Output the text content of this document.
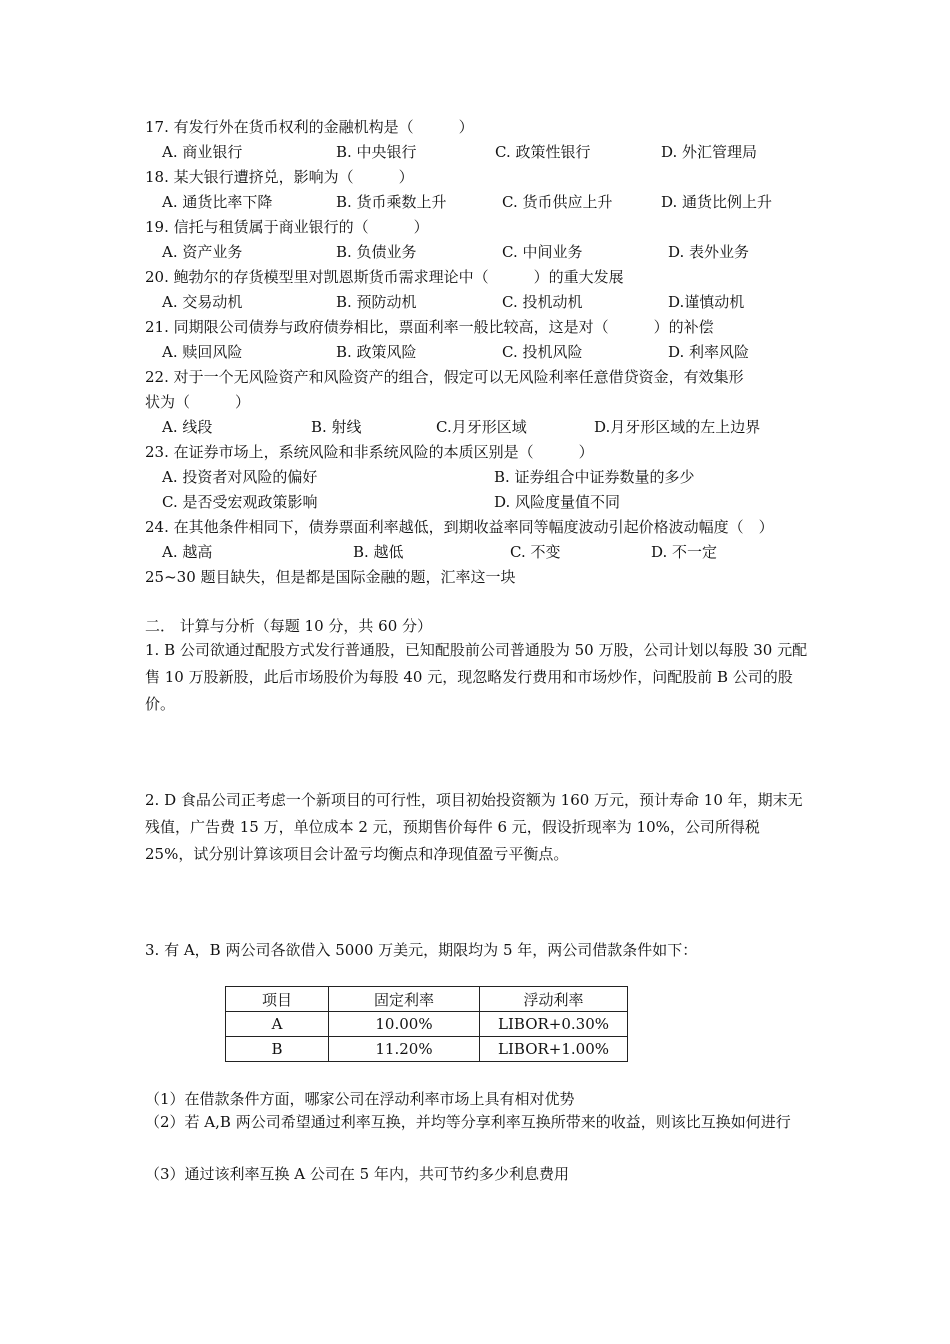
17. 有发行外在货币权利的金融机构是（　　　）
A. 商业银行	B. 中央银行	C. 政策性银行	D. 外汇管理局
18. 某大银行遭挤兑，影响为（　　　）
A. 通货比率下降	B. 货币乘数上升	C. 货币供应上升	D. 通货比例上升
19. 信托与租赁属于商业银行的（　　　）
A. 资产业务	B. 负债业务	C. 中间业务	D. 表外业务
20. 鲍勃尔的存货模型里对凯恩斯货币需求理论中（　　　）的重大发展
A. 交易动机	B. 预防动机	C. 投机动机	D.谨慎动机
21. 同期限公司债券与政府债券相比，票面利率一般比较高，这是对（　　　）的补偿
A. 赎回风险	B. 政策风险	C. 投机风险	D. 利率风险
22. 对于一个无风险资产和风险资产的组合，假定可以无风险利率任意借贷资金，有效集形
状为（　　　）
A. 线段	B. 射线	C.月牙形区域	D.月牙形区域的左上边界
23. 在证券市场上，系统风险和非系统风险的本质区别是（　　　）
A. 投资者对风险的偏好	B. 证券组合中证券数量的多少
C. 是否受宏观政策影响	D. 风险度量值不同
24. 在其他条件相同下，债券票面利率越低，到期收益率同等幅度波动引起价格波动幅度（　）
A. 越高	B. 越低	C. 不变	D. 不一定
25~30 题目缺失，但是都是国际金融的题，汇率这一块
二． 计算与分析（每题 10 分，共 60 分）
1. B 公司欲通过配股方式发行普通股，已知配股前公司普通股为 50 万股，公司计划以每股 30 元配售 10 万股新股，此后市场股价为每股 40 元，现忽略发行费用和市场炒作，问配股前 B 公司的股价。
2. D 食品公司正考虑一个新项目的可行性，项目初始投资额为 160 万元，预计寿命 10 年，期末无残值，广告费 15 万，单位成本 2 元，预期售价每件 6 元，假设折现率为 10%，公司所得税 25%，试分别计算该项目会计盈亏均衡点和净现值盈亏平衡点。
3. 有 A，B 两公司各欲借入 5000 万美元，期限均为 5 年，两公司借款条件如下：
项目	固定利率	浮动利率
A	10.00%	LIBOR+0.30%
B	11.20%	LIBOR+1.00%
（1）在借款条件方面，哪家公司在浮动利率市场上具有相对优势
（2）若 A,B 两公司希望通过利率互换，并均等分享利率互换所带来的收益，则该比互换如何进行
（3）通过该利率互换 A 公司在 5 年内，共可节约多少利息费用
